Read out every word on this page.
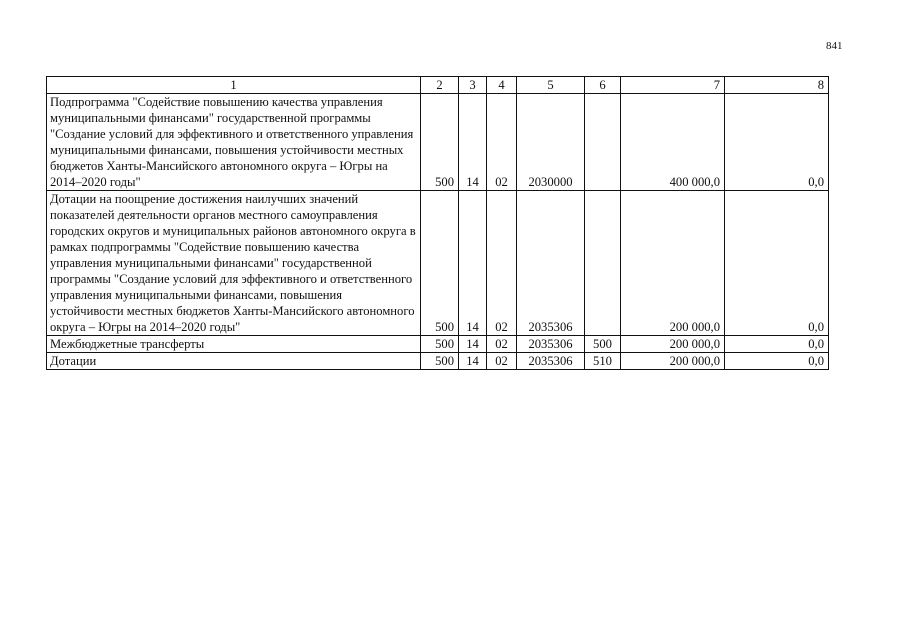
841
1	2	3	4	5	6	7	8
Подпрограмма "Содействие повышению качества управления муниципальными финансами" государственной программы "Создание условий для эффективного и ответственного управления муниципальными финансами, повышения устойчивости местных бюджетов Ханты-Мансийского автономного округа – Югры на 2014–2020 годы"	500	14	02	2030000		400 000,0	0,0
Дотации на поощрение достижения наилучших значений показателей деятельности органов местного самоуправления городских округов и муниципальных районов автономного округа в рамках подпрограммы "Содействие повышению качества управления муниципальными финансами" государственной программы "Создание условий для эффективного и ответственного управления муниципальными финансами, повышения устойчивости местных бюджетов Ханты-Мансийского автономного округа – Югры на 2014–2020 годы"	500	14	02	2035306		200 000,0	0,0
Межбюджетные трансферты	500	14	02	2035306	500	200 000,0	0,0
Дотации	500	14	02	2035306	510	200 000,0	0,0
